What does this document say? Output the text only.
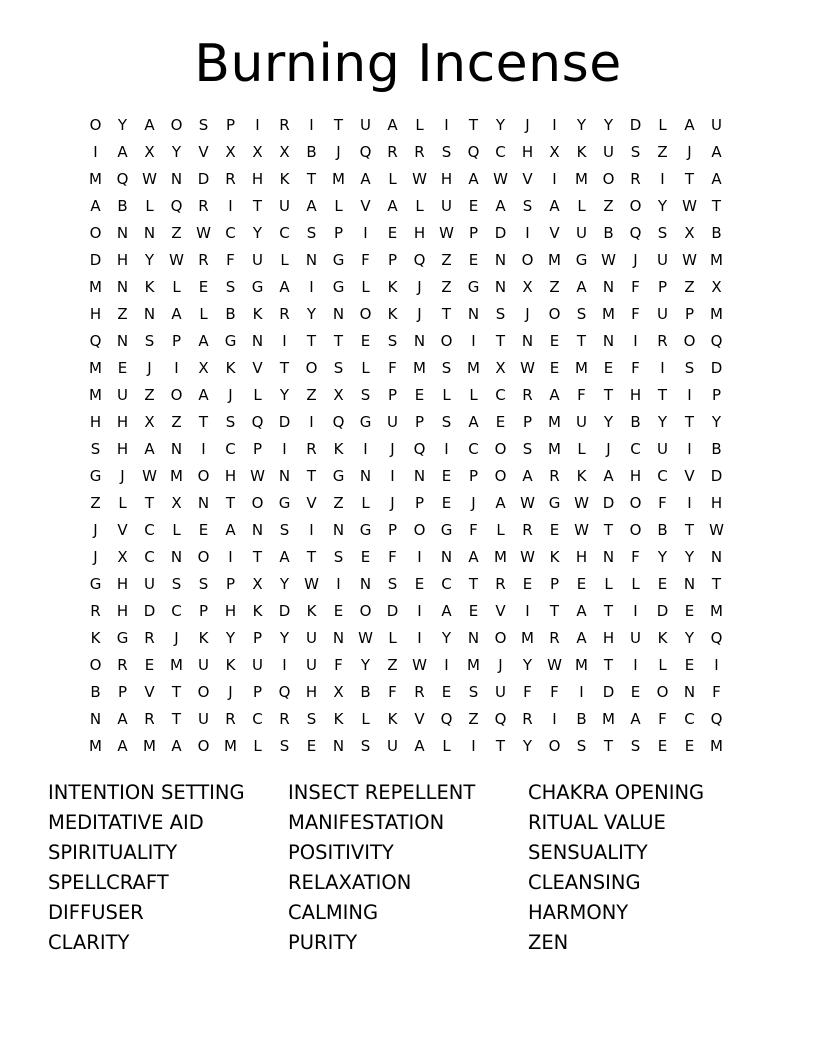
Burning Incense
O	Y	A	O	S	P	I	R	I	T	U	A	L	I	T	Y	J	I	Y	Y	D	L	A	U
I	A	X	Y	V	X	X	X	B	J	Q	R	R	S	Q	C	H	X	K	U	S	Z	J	A
M Q W N	D	R	H	K	T	M	A	L	W H	A W V	I	M O	R	I	T	A
A	B	L	Q	R	I	T	U	A	L	V	A	L	U	E	A	S	A	L	Z	O	Y	W T
O	N	N	Z W C	Y	C	S	P	I	E	H W	P	D	I	V	U	B	Q	S	X	B
D	H	Y	W R	F	U	L	N	G	F	P	Q	Z	E	N	O M G W	J	U W M
M N	K	L	E	S	G	A	I	G	L	K	J	Z	G	N	X	Z	A	N	F	P	Z	X
H	Z	N	A	L	B	K	R	Y	N	O	K	J	T	N	S	J	O	S	M	F	U	P	M
Q	N	S	P	A	G	N	I	T	T	E	S	N	O	I	T	N	E	T	N	I	R	O	Q
M	E	J	I	X	K	V	T	O	S	L	F	M	S	M	X W E	M	E	F	I	S	D
M	U	Z	O	A	J	L	Y	Z	X	S	P	E	L	L	C	R	A	F	T	H	T	I	P
H	H	X	Z	T	S	Q	D	I	Q	G	U	P	S	A	E	P	M	U	Y	B	Y	T	Y
S	H	A	N	I	C	P	I	R	K	I	J	Q	I	C	O	S	M	L	J	C	U	I	B
G	J	W M O	H W N	T	G	N	I	N	E	P	O	A	R	K	A	H	C	V	D
Z	L	T	X	N	T	O	G	V	Z	L	J	P	E	J	A W G W D	O	F	I	H
J	V	C	L	E	A	N	S	I	N	G	P	O	G	F	L	R	E W T	O	B	T	W
J	X	C	N	O	I	T	A	T	S	E	F	I	N	A	M W K	H	N	F	Y	Y	N
G	H	U	S	S	P	X	Y	W	I	N	S	E	C	T	R	E	P	E	L	L	E	N	T
R	H	D	C	P	H	K	D	K	E	O	D	I	A	E	V	I	T	A	T	I	D	E	M
K	G	R	J	K	Y	P	Y	U	N W	L	I	Y	N	O M	R	A	H	U	K	Y	Q
O	R	E	M	U	K	U	I	U	F	Y	Z W	I	M	J	Y	W M	T	I	L	E	I
B	P	V	T	O	J	P	Q	H	X	B	F	R	E	S	U	F	F	I	D	E	O	N	F
N	A	R	T	U	R	C	R	S	K	L	K	V	Q	Z	Q	R	I	B	M	A	F	C	Q
M	A	M	A	O M	L	S	E	N	S	U	A	L	I	T	Y	O	S	T	S	E	E	M
INTENTION SETTING	INSECT REPELLENT	CHAKRA OPENING
MEDITATIVE AID	MANIFESTATION	RITUAL VALUE
SPIRITUALITY	POSITIVITY	SENSUALITY
SPELLCRAFT	RELAXATION	CLEANSING
DIFFUSER	CALMING	HARMONY
CLARITY	PURITY	ZEN
